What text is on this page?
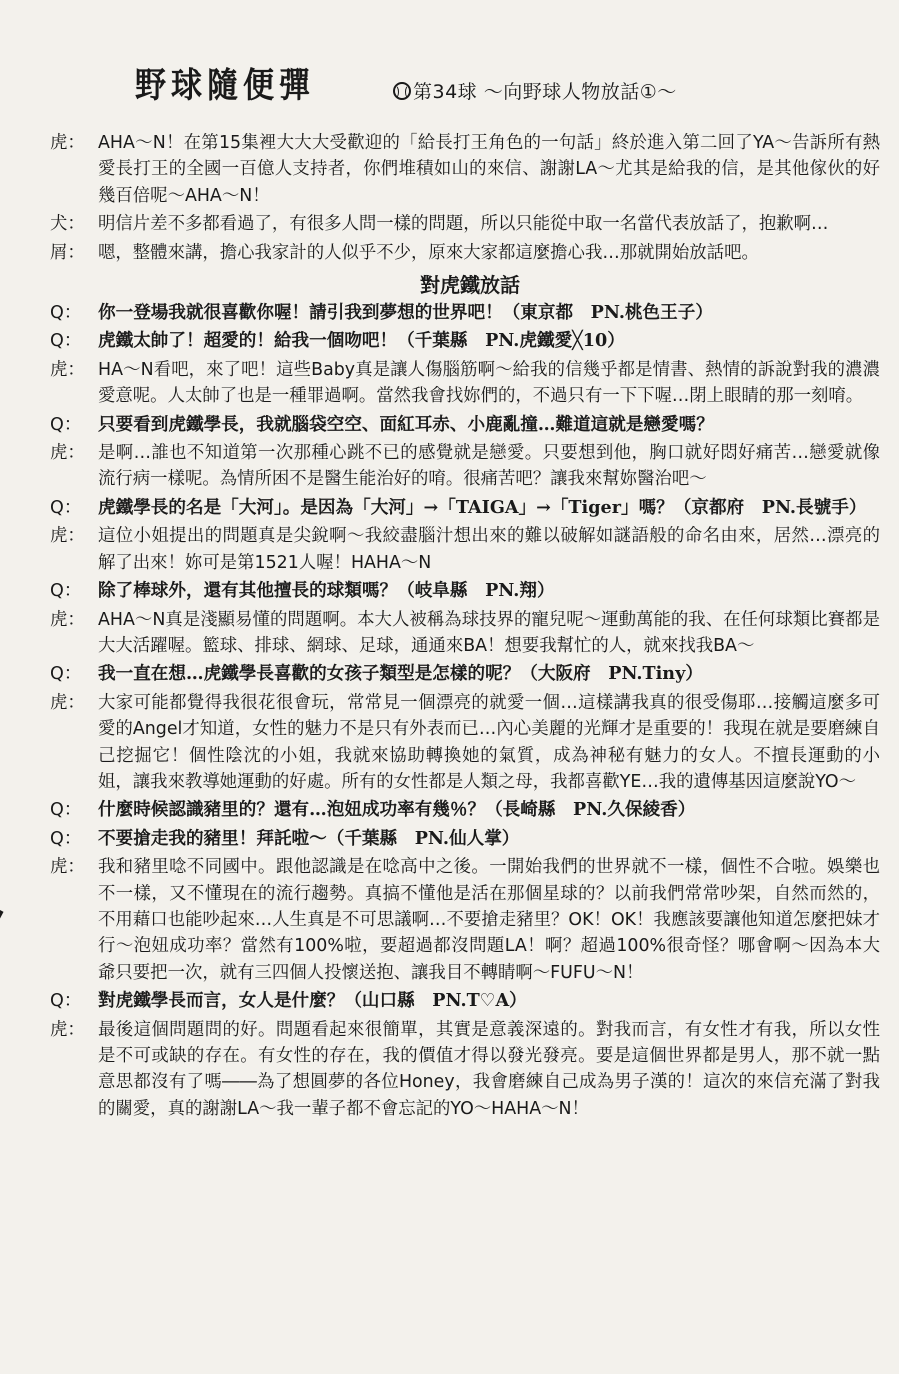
野球隨便彈	第34球 ～向野球人物放話①～
虎： AHA～N！在第15集裡大大大受歡迎的「給長打王角色的一句話」終於進入第二回了YA～告訴所有熱愛長打王的全國一百億人支持者，你們堆積如山的來信、謝謝LA～尤其是給我的信，是其他傢伙的好幾百倍呢～AHA～N！
犬： 明信片差不多都看過了，有很多人問一樣的問題，所以只能從中取一名當代表放話了，抱歉啊…
屑： 嗯，整體來講，擔心我家計的人似乎不少，原來大家都這麼擔心我…那就開始放話吧。
對虎鐵放話
Q： 你一登場我就很喜歡你喔！請引我到夢想的世界吧！（東京都　PN.桃色王子）
Q： 虎鐵太帥了！超愛的！給我一個吻吧！（千葉縣　PN.虎鐵愛╳10）
虎： HA～N看吧，來了吧！這些Baby真是讓人傷腦筋啊～給我的信幾乎都是情書、熱情的訴說對我的濃濃愛意呢。人太帥了也是一種罪過啊。當然我會找妳們的，不過只有一下下喔…閉上眼睛的那一刻唷。
Q： 只要看到虎鐵學長，我就腦袋空空、面紅耳赤、小鹿亂撞…難道這就是戀愛嗎？
虎： 是啊…誰也不知道第一次那種心跳不已的感覺就是戀愛。只要想到他，胸口就好悶好痛苦…戀愛就像流行病一樣呢。為情所困不是醫生能治好的唷。很痛苦吧？讓我來幫妳醫治吧～
Q： 虎鐵學長的名是「大河」。是因為「大河」→「TAIGA」→「Tiger」嗎？（京都府　PN.長號手）
虎： 這位小姐提出的問題真是尖銳啊～我絞盡腦汁想出來的難以破解如謎語般的命名由來，居然…漂亮的解了出來！妳可是第1521人喔！HAHA～N
Q： 除了棒球外，還有其他擅長的球類嗎？（岐阜縣　PN.翔）
虎： AHA～N真是淺顯易懂的問題啊。本大人被稱為球技界的寵兒呢～運動萬能的我、在任何球類比賽都是大大活躍喔。籃球、排球、網球、足球，通通來BA！想要我幫忙的人，就來找我BA～
Q： 我一直在想…虎鐵學長喜歡的女孩子類型是怎樣的呢？（大阪府　PN.Tiny）
虎： 大家可能都覺得我很花很會玩，常常見一個漂亮的就愛一個…這樣講我真的很受傷耶…接觸這麼多可愛的Angel才知道，女性的魅力不是只有外表而已…內心美麗的光輝才是重要的！我現在就是要磨練自己挖掘它！個性陰沈的小姐，我就來協助轉換她的氣質，成為神秘有魅力的女人。不擅長運動的小姐，讓我來教導她運動的好處。所有的女性都是人類之母，我都喜歡YE…我的遺傳基因這麼說YO～
Q： 什麼時候認識豬里的？還有…泡妞成功率有幾％？（長崎縣　PN.久保綾香）
Q： 不要搶走我的豬里！拜託啦～（千葉縣　PN.仙人掌）
虎： 我和豬里唸不同國中。跟他認識是在唸高中之後。一開始我們的世界就不一樣，個性不合啦。娛樂也不一樣，又不懂現在的流行趨勢。真搞不懂他是活在那個星球的？以前我們常常吵架，自然而然的，不用藉口也能吵起來…人生真是不可思議啊…不要搶走豬里？OK！OK！我應該要讓他知道怎麼把妹才行～泡妞成功率？當然有100%啦，要超過都沒問題LA！啊？超過100%很奇怪？哪會啊～因為本大爺只要把一次，就有三四個人投懷送抱、讓我目不轉睛啊～FUFU～N！
Q： 對虎鐵學長而言，女人是什麼？（山口縣　PN.T♡A）
虎： 最後這個問題問的好。問題看起來很簡單，其實是意義深遠的。對我而言，有女性才有我，所以女性是不可或缺的存在。有女性的存在，我的價值才得以發光發亮。要是這個世界都是男人，那不就一點意思都沒有了嗎――為了想圓夢的各位Honey，我會磨練自己成為男子漢的！這次的來信充滿了對我的關愛，真的謝謝LA～我一輩子都不會忘記的YO～HAHA～N！
